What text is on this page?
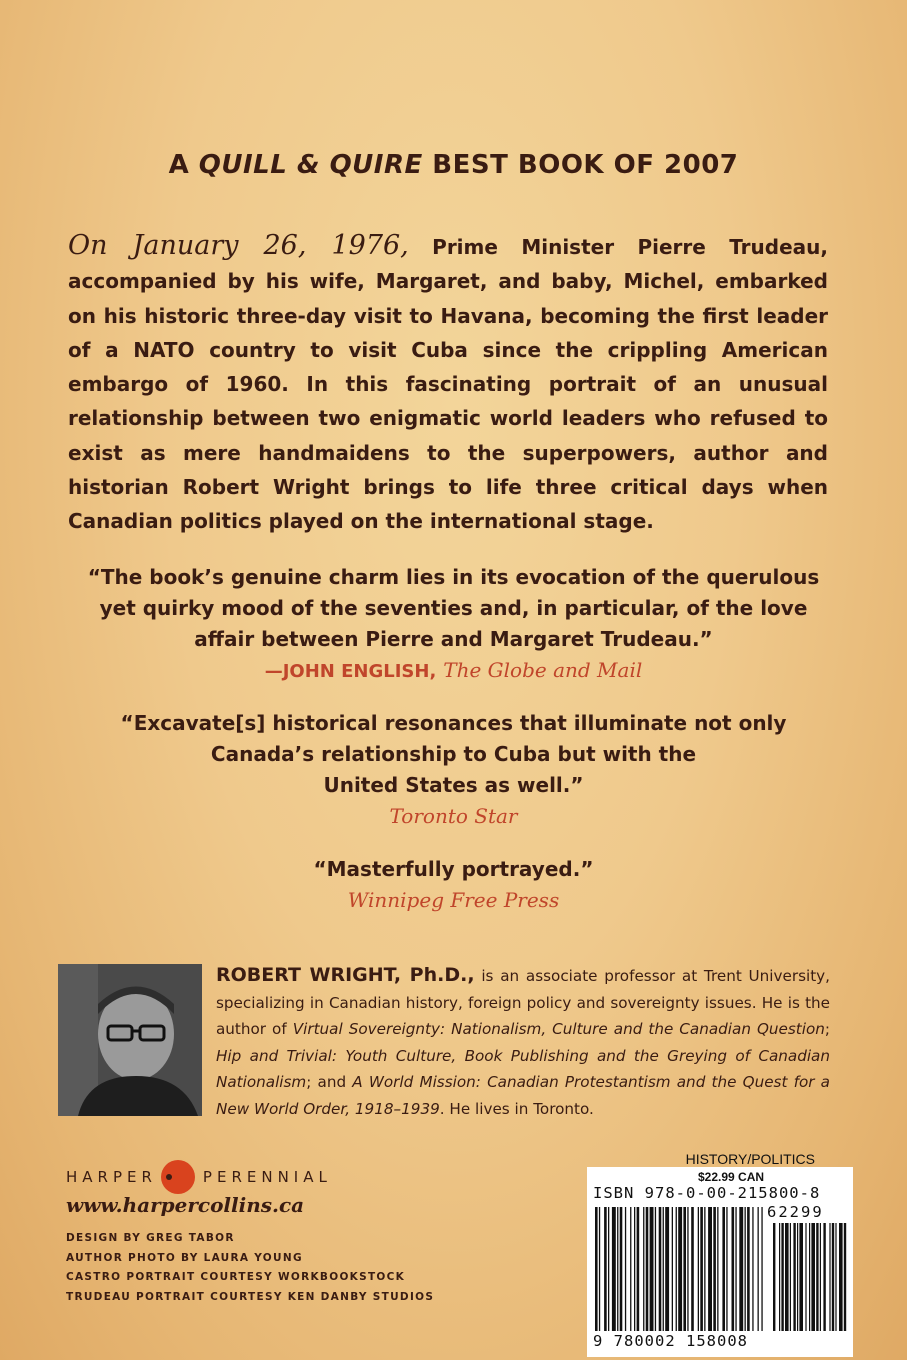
A QUILL & QUIRE BEST BOOK OF 2007
On January 26, 1976, Prime Minister Pierre Trudeau, accompanied by his wife, Margaret, and baby, Michel, embarked on his historic three-day visit to Havana, becoming the first leader of a NATO country to visit Cuba since the crippling American embargo of 1960. In this fascinating portrait of an unusual relationship between two enigmatic world leaders who refused to exist as mere handmaidens to the superpowers, author and historian Robert Wright brings to life three critical days when Canadian politics played on the international stage.
“The book’s genuine charm lies in its evocation of the querulous
yet quirky mood of the seventies and, in particular, of the love
affair between Pierre and Margaret Trudeau.”
—JOHN ENGLISH, The Globe and Mail
“Excavate[s] historical resonances that illuminate not only
Canada’s relationship to Cuba but with the
United States as well.”
Toronto Star
“Masterfully portrayed.”
Winnipeg Free Press
ROBERT WRIGHT, Ph.D., is an associate professor at Trent University, specializing in Canadian history, foreign policy and sovereignty issues. He is the author of Virtual Sovereignty: Nationalism, Culture and the Canadian Question; Hip and Trivial: Youth Culture, Book Publishing and the Greying of Canadian Nationalism; and A World Mission: Canadian Protestantism and the Quest for a New World Order, 1918–1939. He lives in Toronto.
HARPER	PERENNIAL
www.harpercollins.ca
DESIGN BY GREG TABOR
AUTHOR PHOTO BY LAURA YOUNG
CASTRO PORTRAIT COURTESY WORKBOOKSTOCK
TRUDEAU PORTRAIT COURTESY KEN DANBY STUDIOS
HISTORY/POLITICS
$22.99 CAN
ISBN 978-0-00-215800-8
62299
9 780002 158008
